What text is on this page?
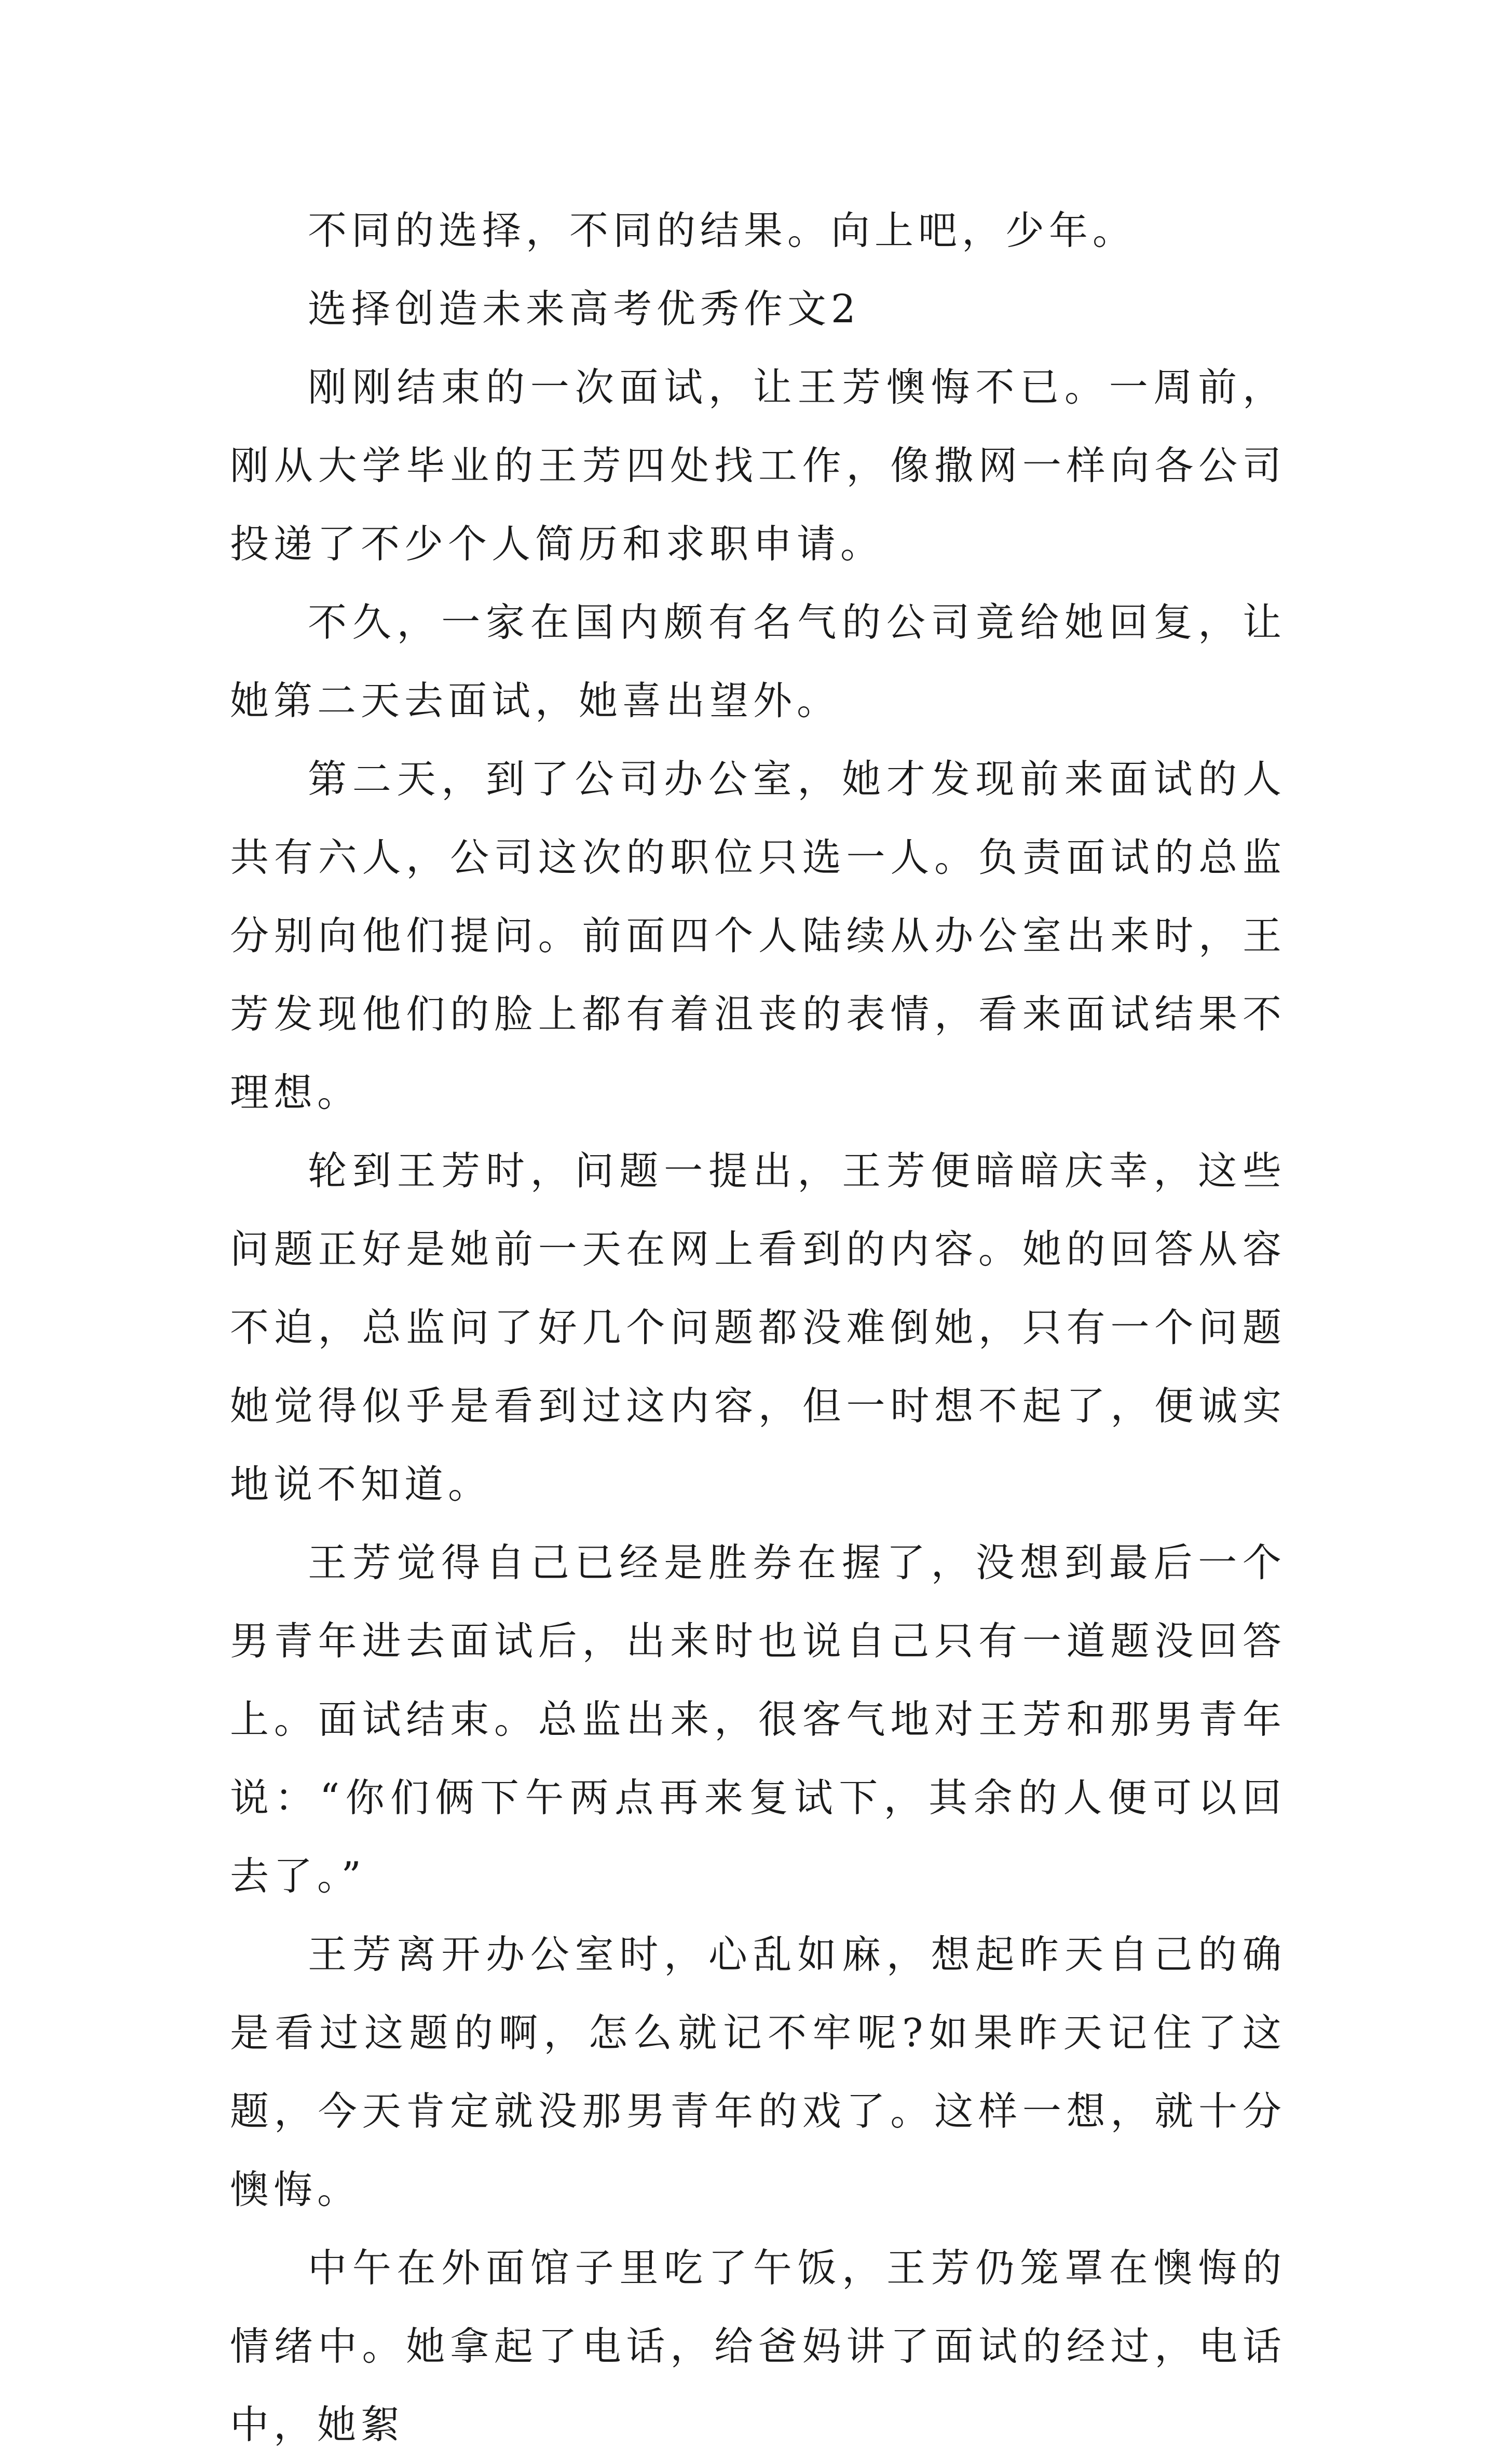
不同的选择，不同的结果。向上吧，少年。

选择创造未来高考优秀作文2

刚刚结束的一次面试，让王芳懊悔不已。一周前，刚从大学毕业的王芳四处找工作，像撒网一样向各公司投递了不少个人简历和求职申请。

不久，一家在国内颇有名气的公司竟给她回复，让她第二天去面试，她喜出望外。

第二天，到了公司办公室，她才发现前来面试的人共有六人，公司这次的职位只选一人。负责面试的总监分别向他们提问。前面四个人陆续从办公室出来时，王芳发现他们的脸上都有着沮丧的表情，看来面试结果不理想。

轮到王芳时，问题一提出，王芳便暗暗庆幸，这些问题正好是她前一天在网上看到的内容。她的回答从容不迫，总监问了好几个问题都没难倒她，只有一个问题她觉得似乎是看到过这内容，但一时想不起了，便诚实地说不知道。

王芳觉得自己已经是胜券在握了，没想到最后一个男青年进去面试后，出来时也说自己只有一道题没回答上。面试结束。总监出来，很客气地对王芳和那男青年说：“你们俩下午两点再来复试下，其余的人便可以回去了。”

王芳离开办公室时，心乱如麻，想起昨天自己的确是看过这题的啊，怎么就记不牢呢?如果昨天记住了这题，今天肯定就没那男青年的戏了。这样一想，就十分懊悔。

中午在外面馆子里吃了午饭，王芳仍笼罩在懊悔的情绪中。她拿起了电话，给爸妈讲了面试的经过，电话中，她絮
